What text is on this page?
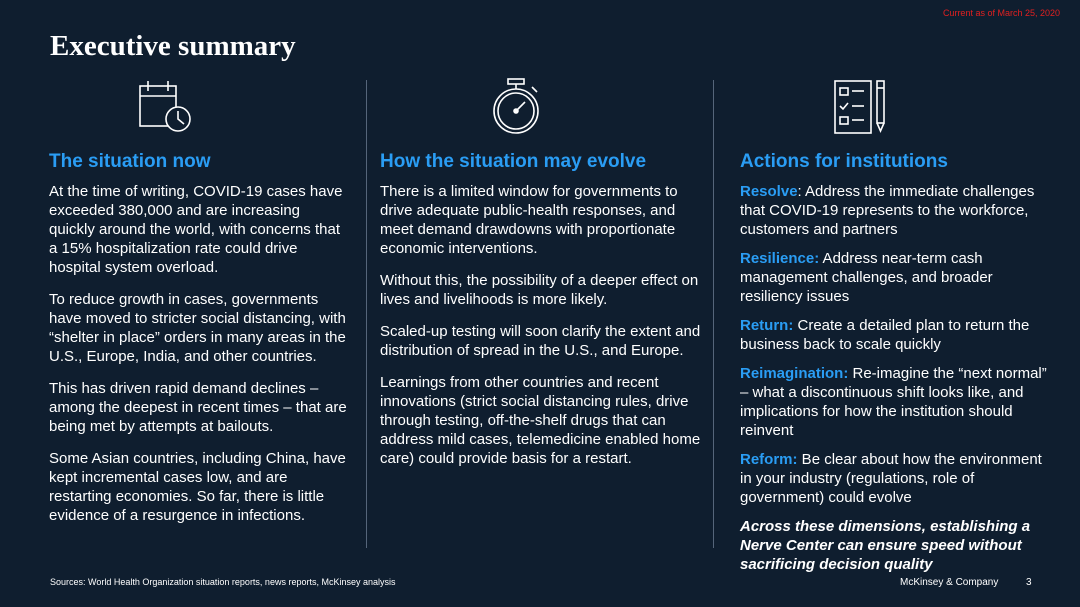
Current as of March 25, 2020
Executive summary
The situation now

At the time of writing, COVID-19 cases have exceeded 380,000 and are increasing quickly around the world, with concerns that a 15% hospitalization rate could drive hospital system overload.

To reduce growth in cases, governments have moved to stricter social distancing, with “shelter in place” orders in many areas in the U.S., Europe, India, and other countries.

This has driven rapid demand declines – among the deepest in recent times – that are being met by attempts at bailouts.

Some Asian countries, including China, have kept incremental cases low, and are restarting economies. So far, there is little evidence of a resurgence in infections.

How the situation may evolve

There is a limited window for governments to drive adequate public-health responses, and meet demand drawdowns with proportionate economic interventions.

Without this, the possibility of a deeper effect on lives and livelihoods is more likely.

Scaled-up testing will soon clarify the extent and distribution of spread in the U.S., and Europe.

Learnings from other countries and recent innovations (strict social distancing rules, drive through testing, off-the-shelf drugs that can address mild cases, telemedicine enabled home care) could provide basis for a restart.

Actions for institutions

Resolve: Address the immediate challenges that COVID-19 represents to the workforce, customers and partners

Resilience: Address near-term cash management challenges, and broader resiliency issues

Return: Create a detailed plan to return the business back to scale quickly

Reimagination: Re-imagine the “next normal” – what a discontinuous shift looks like, and implications for how the institution should reinvent

Reform: Be clear about how the environment in your industry (regulations, role of government) could evolve

Across these dimensions, establishing a Nerve Center can ensure speed without sacrificing decision quality

Sources: World Health Organization situation reports, news reports, McKinsey analysis	McKinsey & Company	3
